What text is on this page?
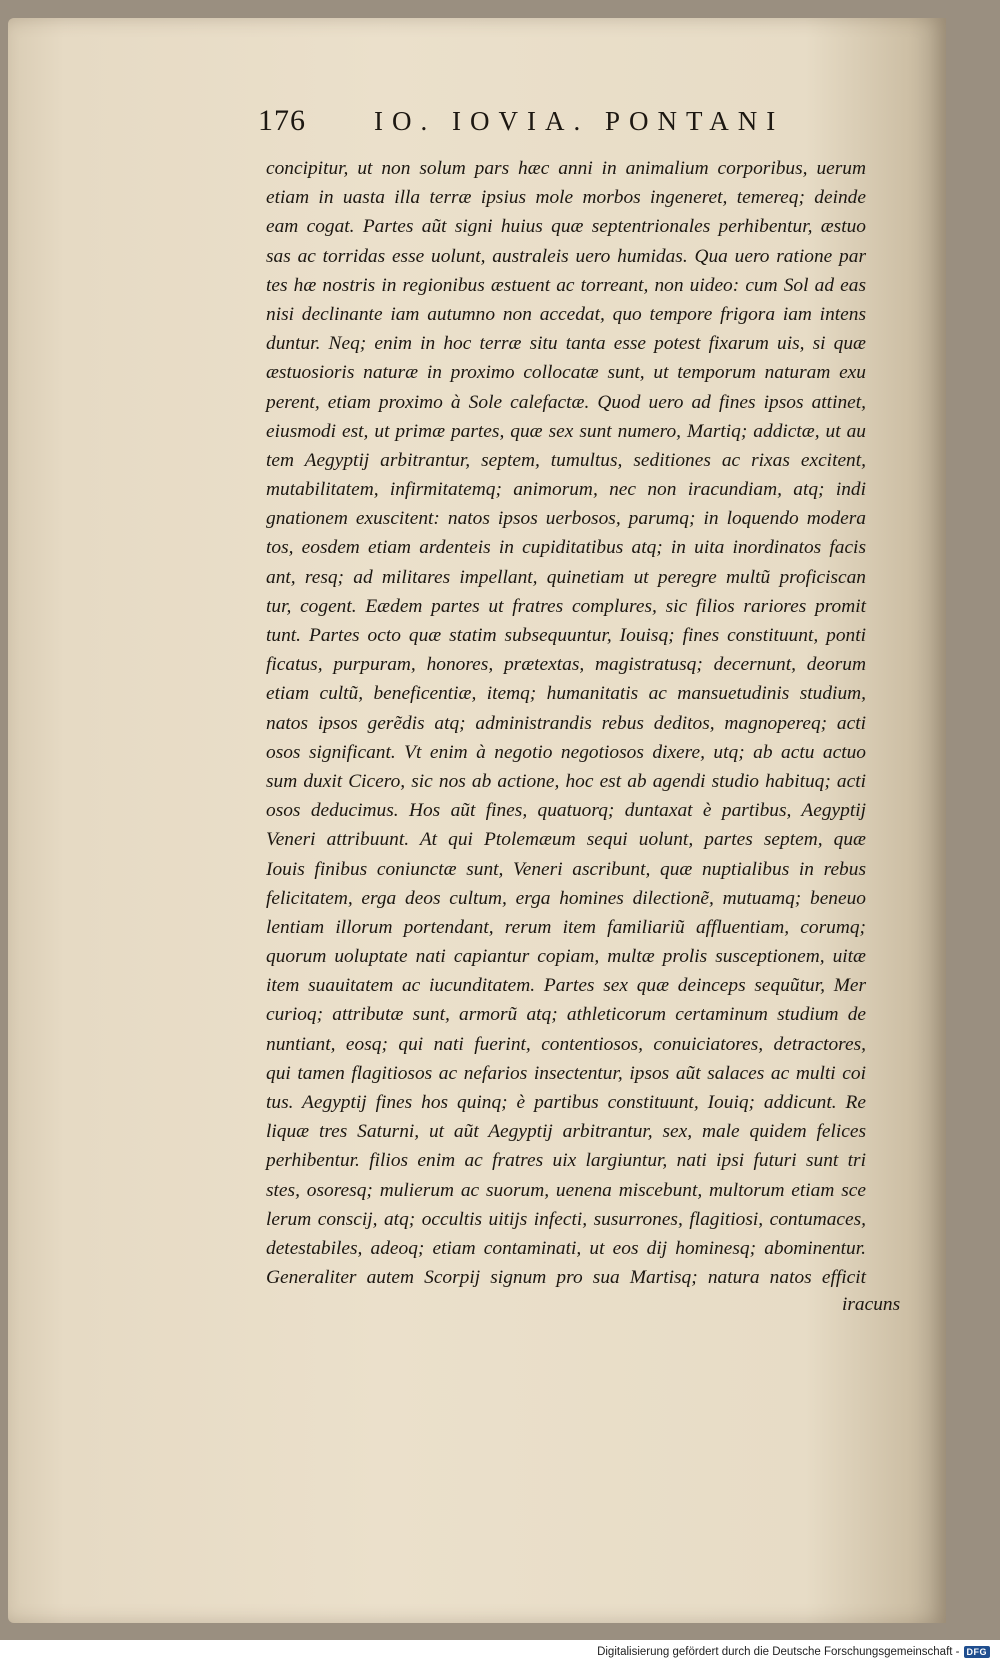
176	IO. IOVIA. PONTANI
concipitur, ut non solum pars hæc anni in animalium corporibus, uerum
etiam in uasta illa terræ ipsius mole morbos ingeneret, temereq; deinde
eam cogat. Partes aũt signi huius quæ septentrionales perhibentur, æstuo
sas ac torridas esse uolunt, australeis uero humidas. Qua uero ratione par
tes hæ nostris in regionibus æstuent ac torreant, non uideo: cum Sol ad eas
nisi declinante iam autumno non accedat, quo tempore frigora iam intens
duntur. Neq; enim in hoc terræ situ tanta esse potest fixarum uis, si quæ
æstuosioris naturæ in proximo collocatæ sunt, ut temporum naturam exu
perent, etiam proximo à Sole calefactæ. Quod uero ad fines ipsos attinet,
eiusmodi est, ut primæ partes, quæ sex sunt numero, Martiq; addictæ, ut au
tem Aegyptij arbitrantur, septem, tumultus, seditiones ac rixas excitent,
mutabilitatem, infirmitatemq; animorum, nec non iracundiam, atq; indi
gnationem exuscitent: natos ipsos uerbosos, parumq; in loquendo modera
tos, eosdem etiam ardenteis in cupiditatibus atq; in uita inordinatos facis
ant, resq; ad militares impellant, quinetiam ut peregre multũ proficiscan
tur, cogent. Eædem partes ut fratres complures, sic filios rariores promit
tunt. Partes octo quæ statim subsequuntur, Iouisq; fines constituunt, ponti
ficatus, purpuram, honores, prætextas, magistratusq; decernunt, deorum
etiam cultũ, beneficentiæ, itemq; humanitatis ac mansuetudinis studium,
natos ipsos gerẽdis atq; administrandis rebus deditos, magnopereq; acti
osos significant. Vt enim à negotio negotiosos dixere, utq; ab actu actuo
sum duxit Cicero, sic nos ab actione, hoc est ab agendi studio habituq; acti
osos deducimus. Hos aũt fines, quatuorq; duntaxat è partibus, Aegyptij
Veneri attribuunt. At qui Ptolemæum sequi uolunt, partes septem, quæ
Iouis finibus coniunctæ sunt, Veneri ascribunt, quæ nuptialibus in rebus
felicitatem, erga deos cultum, erga homines dilectionẽ, mutuamq; beneuo
lentiam illorum portendant, rerum item familiariũ affluentiam, corumq;
quorum uoluptate nati capiantur copiam, multæ prolis susceptionem, uitæ
item suauitatem ac iucunditatem. Partes sex quæ deinceps sequũtur, Mer
curioq; attributæ sunt, armorũ atq; athleticorum certaminum studium de
nuntiant, eosq; qui nati fuerint, contentiosos, conuiciatores, detractores,
qui tamen flagitiosos ac nefarios insectentur, ipsos aũt salaces ac multi coi
tus. Aegyptij fines hos quinq; è partibus constituunt, Iouiq; addicunt. Re
liquæ tres Saturni, ut aũt Aegyptij arbitrantur, sex, male quidem felices
perhibentur. filios enim ac fratres uix largiuntur, nati ipsi futuri sunt tri
stes, osoresq; mulierum ac suorum, uenena miscebunt, multorum etiam sce
lerum conscij, atq; occultis uitijs infecti, susurrones, flagitiosi, contumaces,
detestabiles, adeoq; etiam contaminati, ut eos dij hominesq; abominentur.
Generaliter autem Scorpij signum pro sua Martisq; natura natos efficit
iracuns
Digitalisierung gefördert durch die Deutsche Forschungsgemeinschaft - DFG
